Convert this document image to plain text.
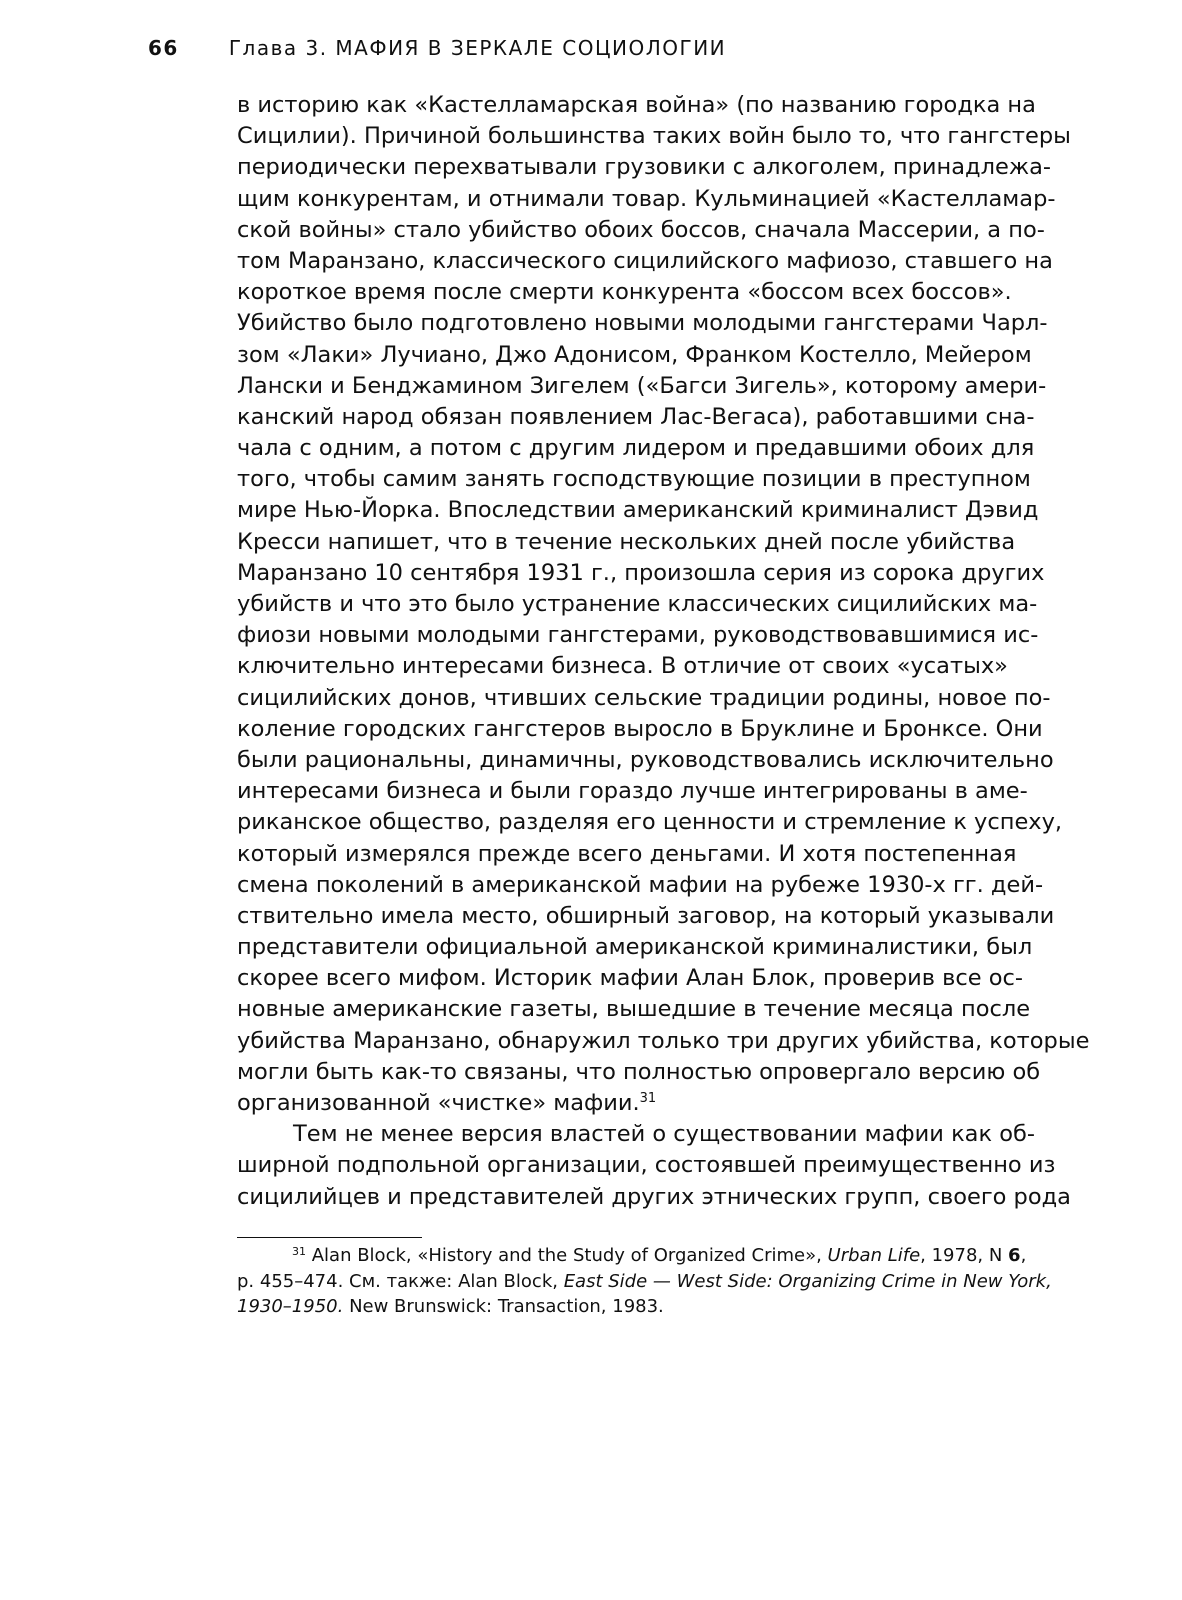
66	Глава 3. МАФИЯ В ЗЕРКАЛЕ СОЦИОЛОГИИ
в историю как «Кастелламарская война» (по названию городка на
Сицилии). Причиной большинства таких войн было то, что гангстеры
периодически перехватывали грузовики с алкоголем, принадлежа-
щим конкурентам, и отнимали товар. Кульминацией «Кастелламар-
ской войны» стало убийство обоих боссов, сначала Массерии, а по-
том Маранзано, классического сицилийского мафиозо, ставшего на
короткое время после смерти конкурента «боссом всех боссов».
Убийство было подготовлено новыми молодыми гангстерами Чарл-
зом «Лаки» Лучиано, Джо Адонисом, Франком Костелло, Мейером
Лански и Бенджамином Зигелем («Багси Зигель», которому амери-
канский народ обязан появлением Лас-Вегаса), работавшими сна-
чала с одним, а потом с другим лидером и предавшими обоих для
того, чтобы самим занять господствующие позиции в преступном
мире Нью-Йорка. Впоследствии американский криминалист Дэвид
Кресси напишет, что в течение нескольких дней после убийства
Маранзано 10 сентября 1931 г., произошла серия из сорока других
убийств и что это было устранение классических сицилийских ма-
фиози новыми молодыми гангстерами, руководствовавшимися ис-
ключительно интересами бизнеса. В отличие от своих «усатых»
сицилийских донов, чтивших сельские традиции родины, новое по-
коление городских гангстеров выросло в Бруклине и Бронксе. Они
были рациональны, динамичны, руководствовались исключительно
интересами бизнеса и были гораздо лучше интегрированы в аме-
риканское общество, разделяя его ценности и стремление к успеху,
который измерялся прежде всего деньгами. И хотя постепенная
смена поколений в американской мафии на рубеже 1930-х гг. дей-
ствительно имела место, обширный заговор, на который указывали
представители официальной американской криминалистики, был
скорее всего мифом. Историк мафии Алан Блок, проверив все ос-
новные американские газеты, вышедшие в течение месяца после
убийства Маранзано, обнаружил только три других убийства, которые
могли быть как-то связаны, что полностью опровергало версию об
организованной «чистке» мафии.$^{31}$
Тем не менее версия властей о существовании мафии как об-
ширной подпольной организации, состоявшей преимущественно из
сицилийцев и представителей других этнических групп, своего рода
$^{31}$ Alan Block, «History and the Study of Organized Crime», Urban Life, 1978, N 6,
p. 455–474. См. также: Alan Block, East Side — West Side: Organizing Crime in New York,
1930–1950. New Brunswick: Transaction, 1983.
